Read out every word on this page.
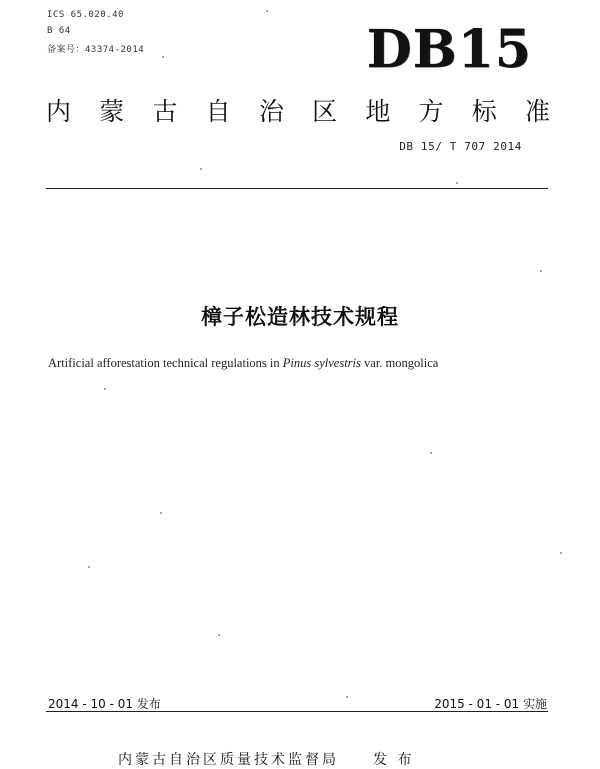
ICS 65.020.40
B 64
备案号：43374-2014	DB15
内 蒙 古 自 治 区 地 方 标 准
DB 15/ T 707 2014
樟子松造林技术规程
Artificial afforestation technical regulations in Pinus sylvestris var. mongolica
2014 - 10 - 01 发布	2015 - 01 - 01 实施
内蒙古自治区质量技术监督局 发 布
